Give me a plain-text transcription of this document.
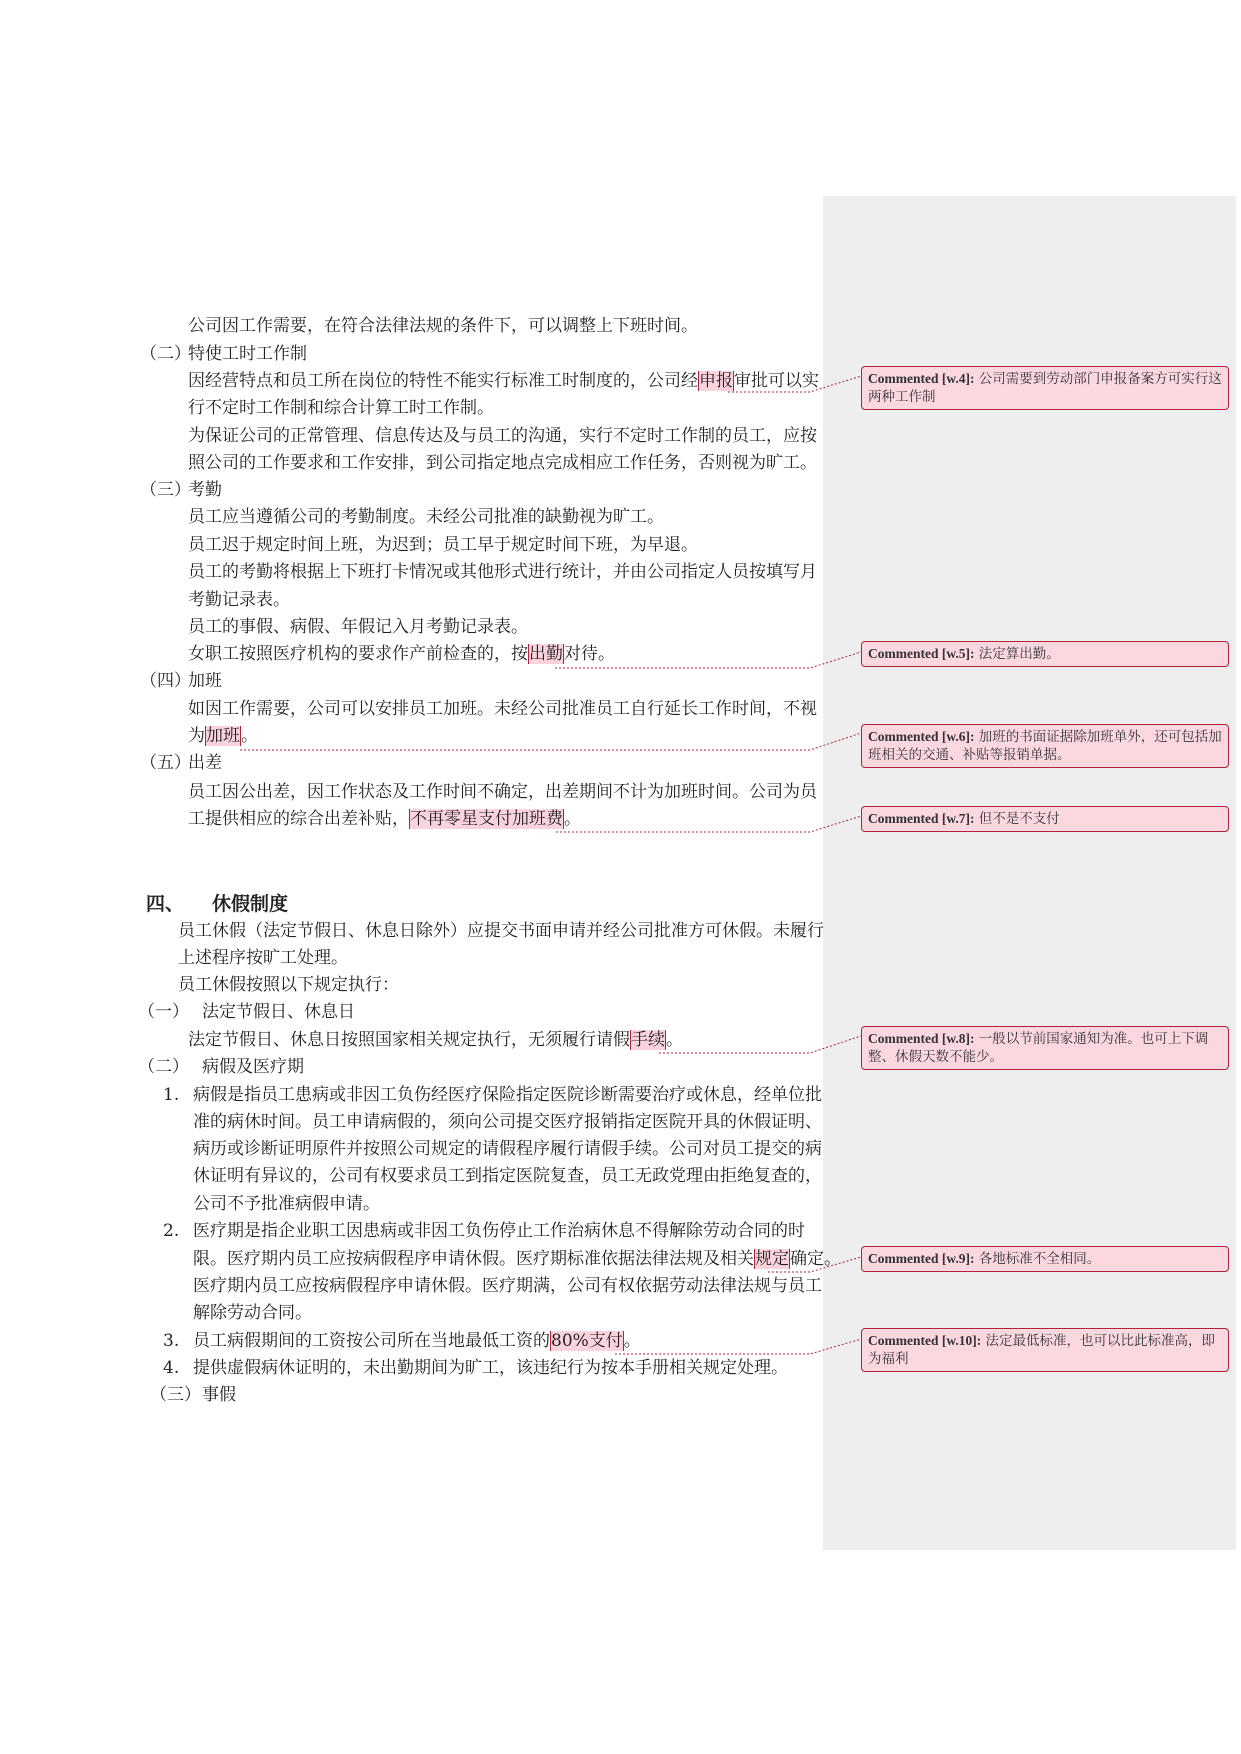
公司因工作需要，在符合法律法规的条件下，可以调整上下班时间。
（二）
特使工时工作制
因经营特点和员工所在岗位的特性不能实行标准工时制度的，公司经申报审批可以实
行不定时工作制和综合计算工时工作制。
为保证公司的正常管理、信息传达及与员工的沟通，实行不定时工作制的员工，应按
照公司的工作要求和工作安排，到公司指定地点完成相应工作任务，否则视为旷工。
（三）
考勤
员工应当遵循公司的考勤制度。未经公司批准的缺勤视为旷工。
员工迟于规定时间上班，为迟到；员工早于规定时间下班，为早退。
员工的考勤将根据上下班打卡情况或其他形式进行统计，并由公司指定人员按填写月
考勤记录表。
员工的事假、病假、年假记入月考勤记录表。
女职工按照医疗机构的要求作产前检查的，按出勤对待。
（四）
加班
如因工作需要，公司可以安排员工加班。未经公司批准员工自行延长工作时间，不视
为加班。
（五）
出差
员工因公出差，因工作状态及工作时间不确定，出差期间不计为加班时间。公司为员
工提供相应的综合出差补贴，不再零星支付加班费。
四、 休假制度
员工休假（法定节假日、休息日除外）应提交书面申请并经公司批准方可休假。未履行
上述程序按旷工处理。
员工休假按照以下规定执行：
（一） 法定节假日、休息日
法定节假日、休息日按照国家相关规定执行，无须履行请假手续。
（二） 病假及医疗期
1. 病假是指员工患病或非因工负伤经医疗保险指定医院诊断需要治疗或休息，经单位批
准的病休时间。员工申请病假的，须向公司提交医疗报销指定医院开具的休假证明、
病历或诊断证明原件并按照公司规定的请假程序履行请假手续。公司对员工提交的病
休证明有异议的，公司有权要求员工到指定医院复查，员工无政党理由拒绝复查的，
公司不予批准病假申请。
2. 医疗期是指企业职工因患病或非因工负伤停止工作治病休息不得解除劳动合同的时
限。医疗期内员工应按病假程序申请休假。医疗期标准依据法律法规及相关规定确定。
医疗期内员工应按病假程序申请休假。医疗期满，公司有权依据劳动法律法规与员工
解除劳动合同。
3. 员工病假期间的工资按公司所在当地最低工资的80%支付。
4. 提供虚假病休证明的，未出勤期间为旷工，该违纪行为按本手册相关规定处理。
（三） 事假
Commented [w.4]: 公司需要到劳动部门申报备案方可实行这两种工作制
Commented [w.5]: 法定算出勤。
Commented [w.6]: 加班的书面证据除加班单外，还可包括加班相关的交通、补贴等报销单据。
Commented [w.7]: 但不是不支付
Commented [w.8]: 一般以节前国家通知为准。也可上下调整、休假天数不能少。
Commented [w.9]: 各地标准不全相同。
Commented [w.10]: 法定最低标准，也可以比此标准高，即为福利
